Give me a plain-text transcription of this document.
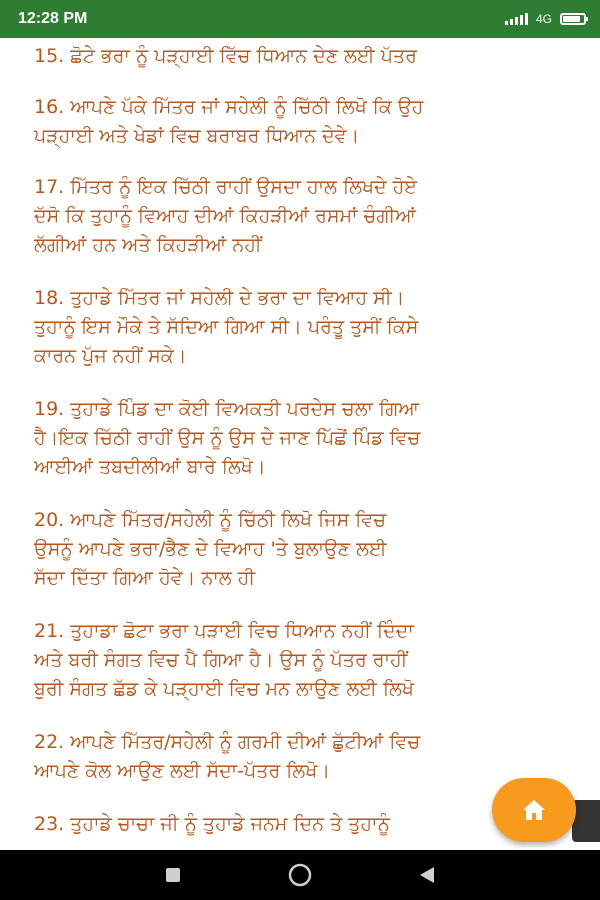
12:28 PM	4G
15. ਛੋਟੇ ਭਰਾ ਨੂੰ ਪੜ੍ਹਾਈ ਵਿੱਚ ਧਿਆਨ ਦੇਣ ਲਈ ਪੱਤਰ
16. ਆਪਣੇ ਪੱਕੇ ਮਿੱਤਰ ਜਾਂ ਸਹੇਲੀ ਨੂੰ ਚਿੱਠੀ ਲਿਖੋ ਕਿ ਉਹ
ਪੜ੍ਹਾਈ ਅਤੇ ਖੇਡਾਂ ਵਿਚ ਬਰਾਬਰ ਧਿਆਨ ਦੇਵੇ।
17. ਮਿੱਤਰ ਨੂੰ ਇਕ ਚਿੱਠੀ ਰਾਹੀਂ ਉਸਦਾ ਹਾਲ ਲਿਖਦੇ ਹੋਏ
ਦੱਸੋ ਕਿ ਤੁਹਾਨੂੰ ਵਿਆਹ ਦੀਆਂ ਕਿਹੜੀਆਂ ਰਸਮਾਂ ਚੰਗੀਆਂ
ਲੱਗੀਆਂ ਹਨ ਅਤੇ ਕਿਹੜੀਆਂ ਨਹੀਂ
18. ਤੁਹਾਡੇ ਮਿੱਤਰ ਜਾਂ ਸਹੇਲੀ ਦੇ ਭਰਾ ਦਾ ਵਿਆਹ ਸੀ।
ਤੁਹਾਨੂੰ ਇਸ ਮੌਕੇ ਤੇ ਸੱਦਿਆ ਗਿਆ ਸੀ। ਪਰੰਤੂ ਤੁਸੀਂ ਕਿਸੇ
ਕਾਰਨ ਪੁੱਜ ਨਹੀਂ ਸਕੇ।
19. ਤੁਹਾਡੇ ਪਿੰਡ ਦਾ ਕੋਈ ਵਿਅਕਤੀ ਪਰਦੇਸ ਚਲਾ ਗਿਆ
ਹੈ।ਇਕ ਚਿੱਠੀ ਰਾਹੀਂ ਉਸ ਨੂੰ ਉਸ ਦੇ ਜਾਣ ਪਿੱਛੋਂ ਪਿੰਡ ਵਿਚ
ਆਈਆਂ ਤਬਦੀਲੀਆਂ ਬਾਰੇ ਲਿਖੋ।
20. ਆਪਣੇ ਮਿੱਤਰ/ਸਹੇਲੀ ਨੂੰ ਚਿੱਠੀ ਲਿਖੋ ਜਿਸ ਵਿਚ
ਉਸਨੂੰ ਆਪਣੇ ਭਰਾ/ਭੈਣ ਦੇ ਵਿਆਹ 'ਤੇ ਬੁਲਾਉਣ ਲਈ
ਸੱਦਾ ਦਿੱਤਾ ਗਿਆ ਹੋਵੇ। ਨਾਲ ਹੀ
21. ਤੁਹਾਡਾ ਛੋਟਾ ਭਰਾ ਪੜਾਈ ਵਿਚ ਧਿਆਨ ਨਹੀਂ ਦਿੰਦਾ
ਅਤੇ ਬਰੀ ਸੰਗਤ ਵਿਚ ਪੈ ਗਿਆ ਹੈ। ਉਸ ਨੂੰ ਪੱਤਰ ਰਾਹੀਂ
ਬੁਰੀ ਸੰਗਤ ਛੱਡ ਕੇ ਪੜ੍ਹਾਈ ਵਿਚ ਮਨ ਲਾਉਣ ਲਈ ਲਿਖੋ
22. ਆਪਣੇ ਮਿੱਤਰ/ਸਹੇਲੀ ਨੂੰ ਗਰਮੀ ਦੀਆਂ ਛੁੱਟੀਆਂ ਵਿਚ
ਆਪਣੇ ਕੋਲ ਆਉਣ ਲਈ ਸੱਦਾ-ਪੱਤਰ ਲਿਖੋ।
23. ਤੁਹਾਡੇ ਚਾਚਾ ਜੀ ਨੂੰ ਤੁਹਾਡੇ ਜਨਮ ਦਿਨ ਤੇ ਤੁਹਾਨੂੰ
